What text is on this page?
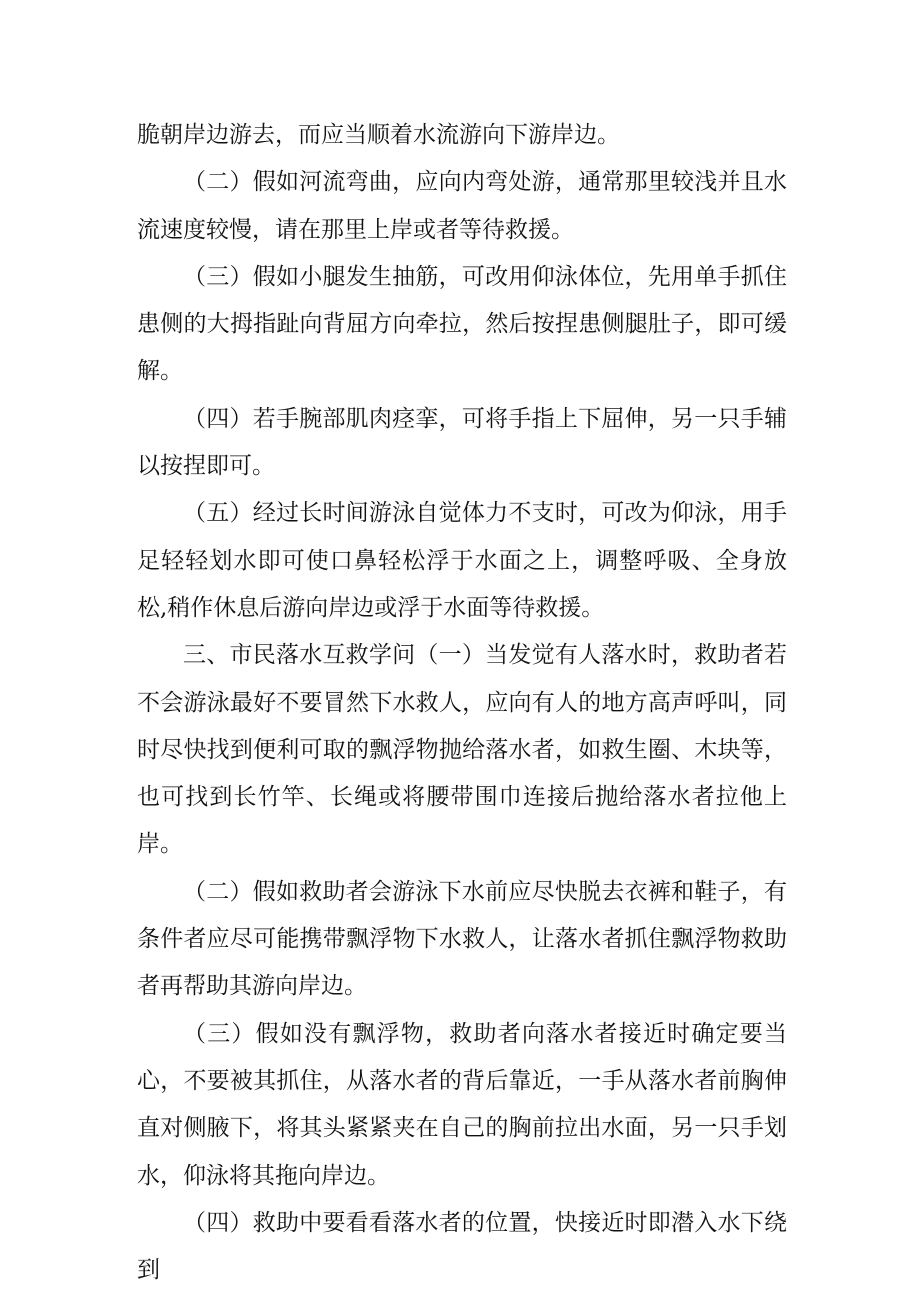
脆朝岸边游去，而应当顺着水流游向下游岸边。

（二）假如河流弯曲，应向内弯处游，通常那里较浅并且水流速度较慢，请在那里上岸或者等待救援。

（三）假如小腿发生抽筋，可改用仰泳体位，先用单手抓住患侧的大拇指趾向背屈方向牵拉，然后按捏患侧腿肚子，即可缓解。

（四）若手腕部肌肉痉挛，可将手指上下屈伸，另一只手辅以按捏即可。

（五）经过长时间游泳自觉体力不支时，可改为仰泳，用手足轻轻划水即可使口鼻轻松浮于水面之上，调整呼吸、全身放松,稍作休息后游向岸边或浮于水面等待救援。

三、市民落水互救学问（一）当发觉有人落水时，救助者若不会游泳最好不要冒然下水救人，应向有人的地方高声呼叫，同时尽快找到便利可取的飘浮物抛给落水者，如救生圈、木块等，也可找到长竹竿、长绳或将腰带围巾连接后抛给落水者拉他上岸。

（二）假如救助者会游泳下水前应尽快脱去衣裤和鞋子，有条件者应尽可能携带飘浮物下水救人，让落水者抓住飘浮物救助者再帮助其游向岸边。

（三）假如没有飘浮物，救助者向落水者接近时确定要当心，不要被其抓住，从落水者的背后靠近，一手从落水者前胸伸直对侧腋下，将其头紧紧夹在自己的胸前拉出水面，另一只手划水，仰泳将其拖向岸边。

（四）救助中要看看落水者的位置，快接近时即潜入水下绕到
